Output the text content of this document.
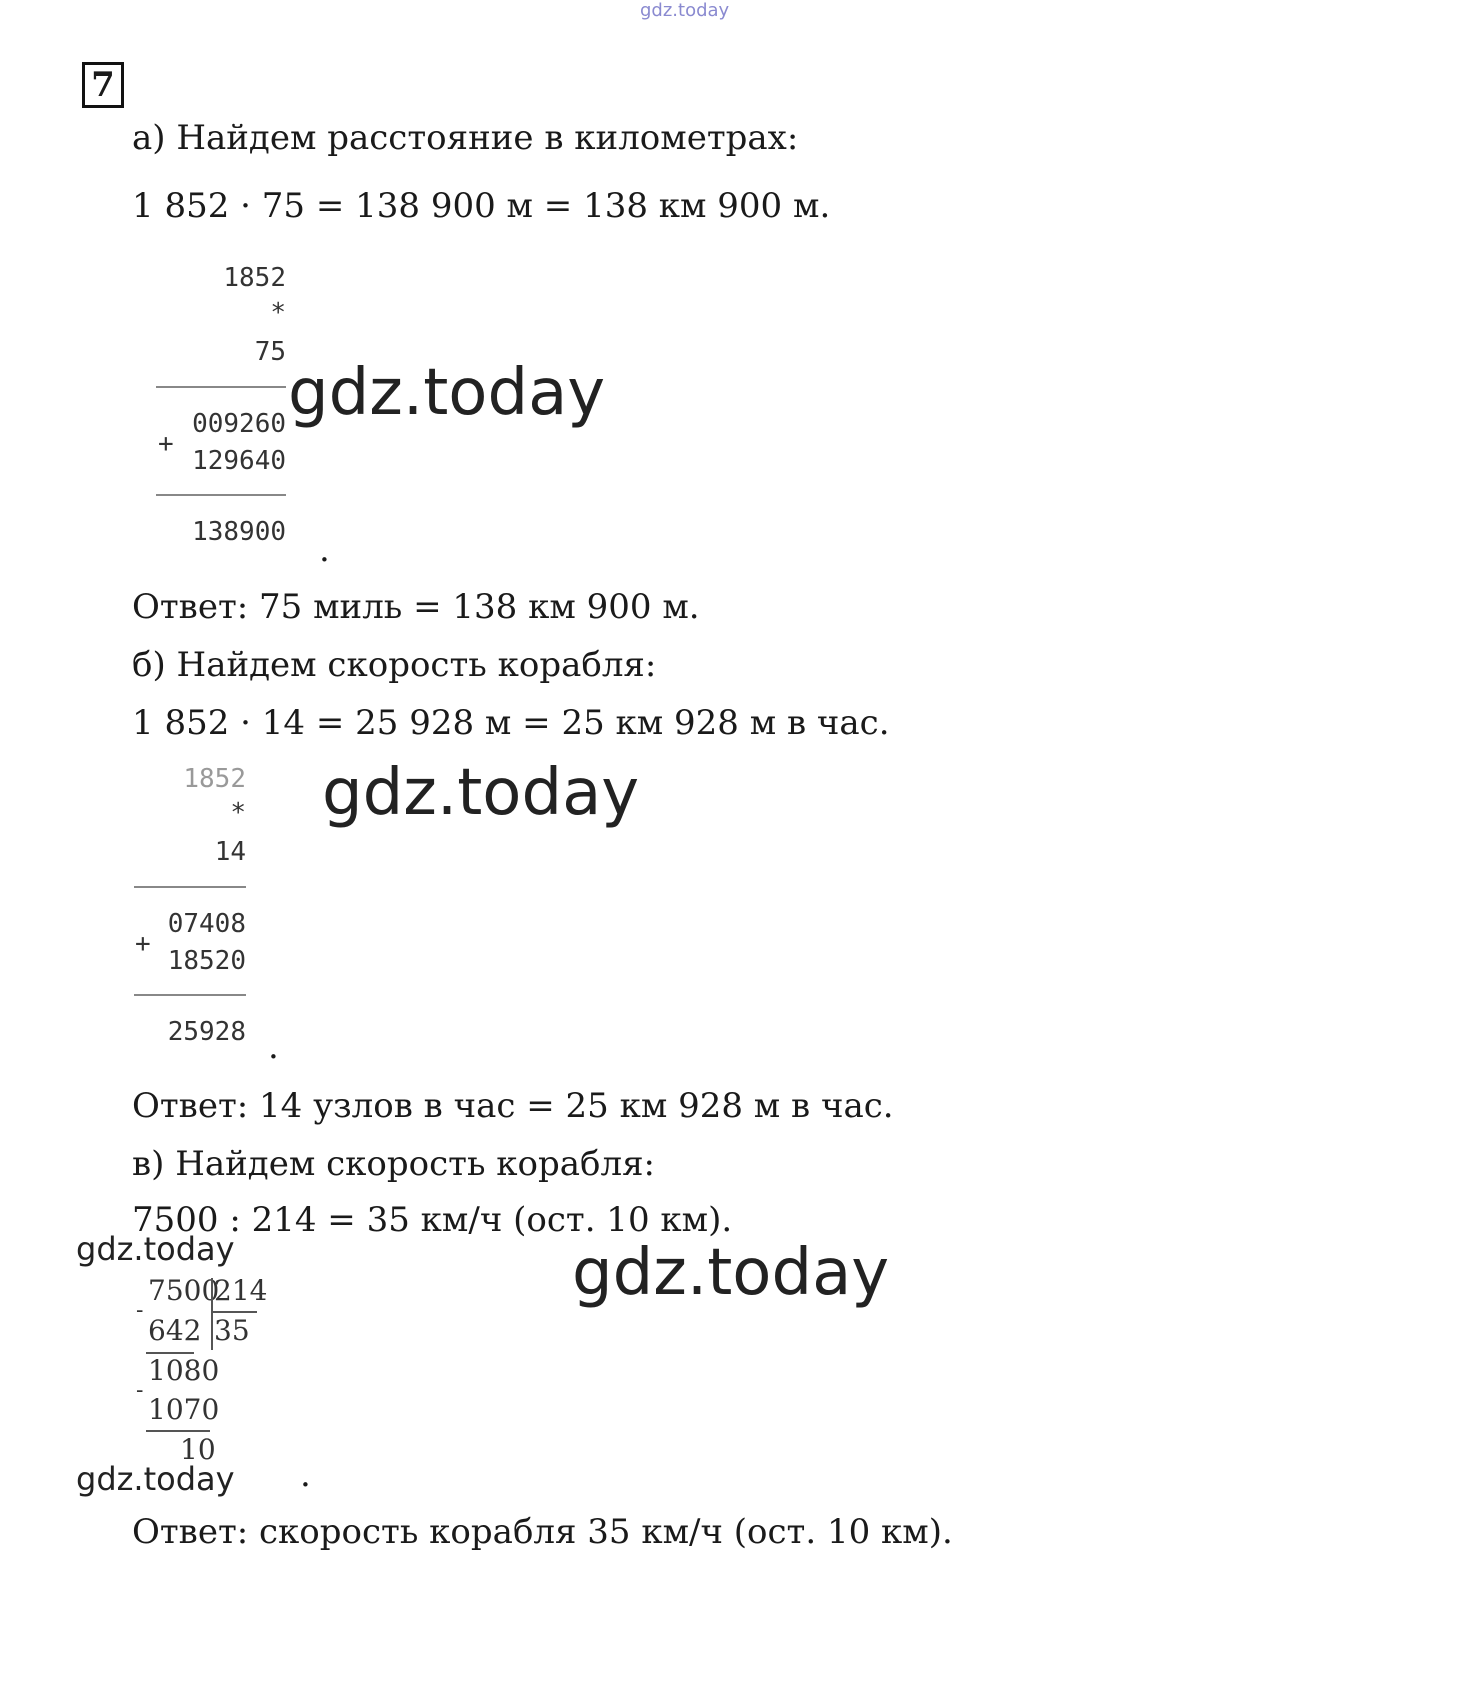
gdz.today
7
а) Найдем расстояние в километрах:
1 852 · 75 = 138 900 м = 138 км 900 м.
1852
*
75
009260
+
129640
138900 .
Ответ: 75 миль = 138 км 900 м.
б) Найдем скорость корабля:
1 852 · 14 = 25 928 м = 25 км 928 м в час.
1852
*
14
07408
+
18520
25928 .
Ответ: 14 узлов в час = 25 км 928 м в час.
в) Найдем скорость корабля:
7500 : 214 = 35 км/ч (ост. 10 км).
7500
214
-
642 35
1080
-
1070
10
.
Ответ: скорость корабля 35 км/ч (ост. 10 км).
gdz.today
gdz.today
gdz.today	gdz.today
gdz.today
